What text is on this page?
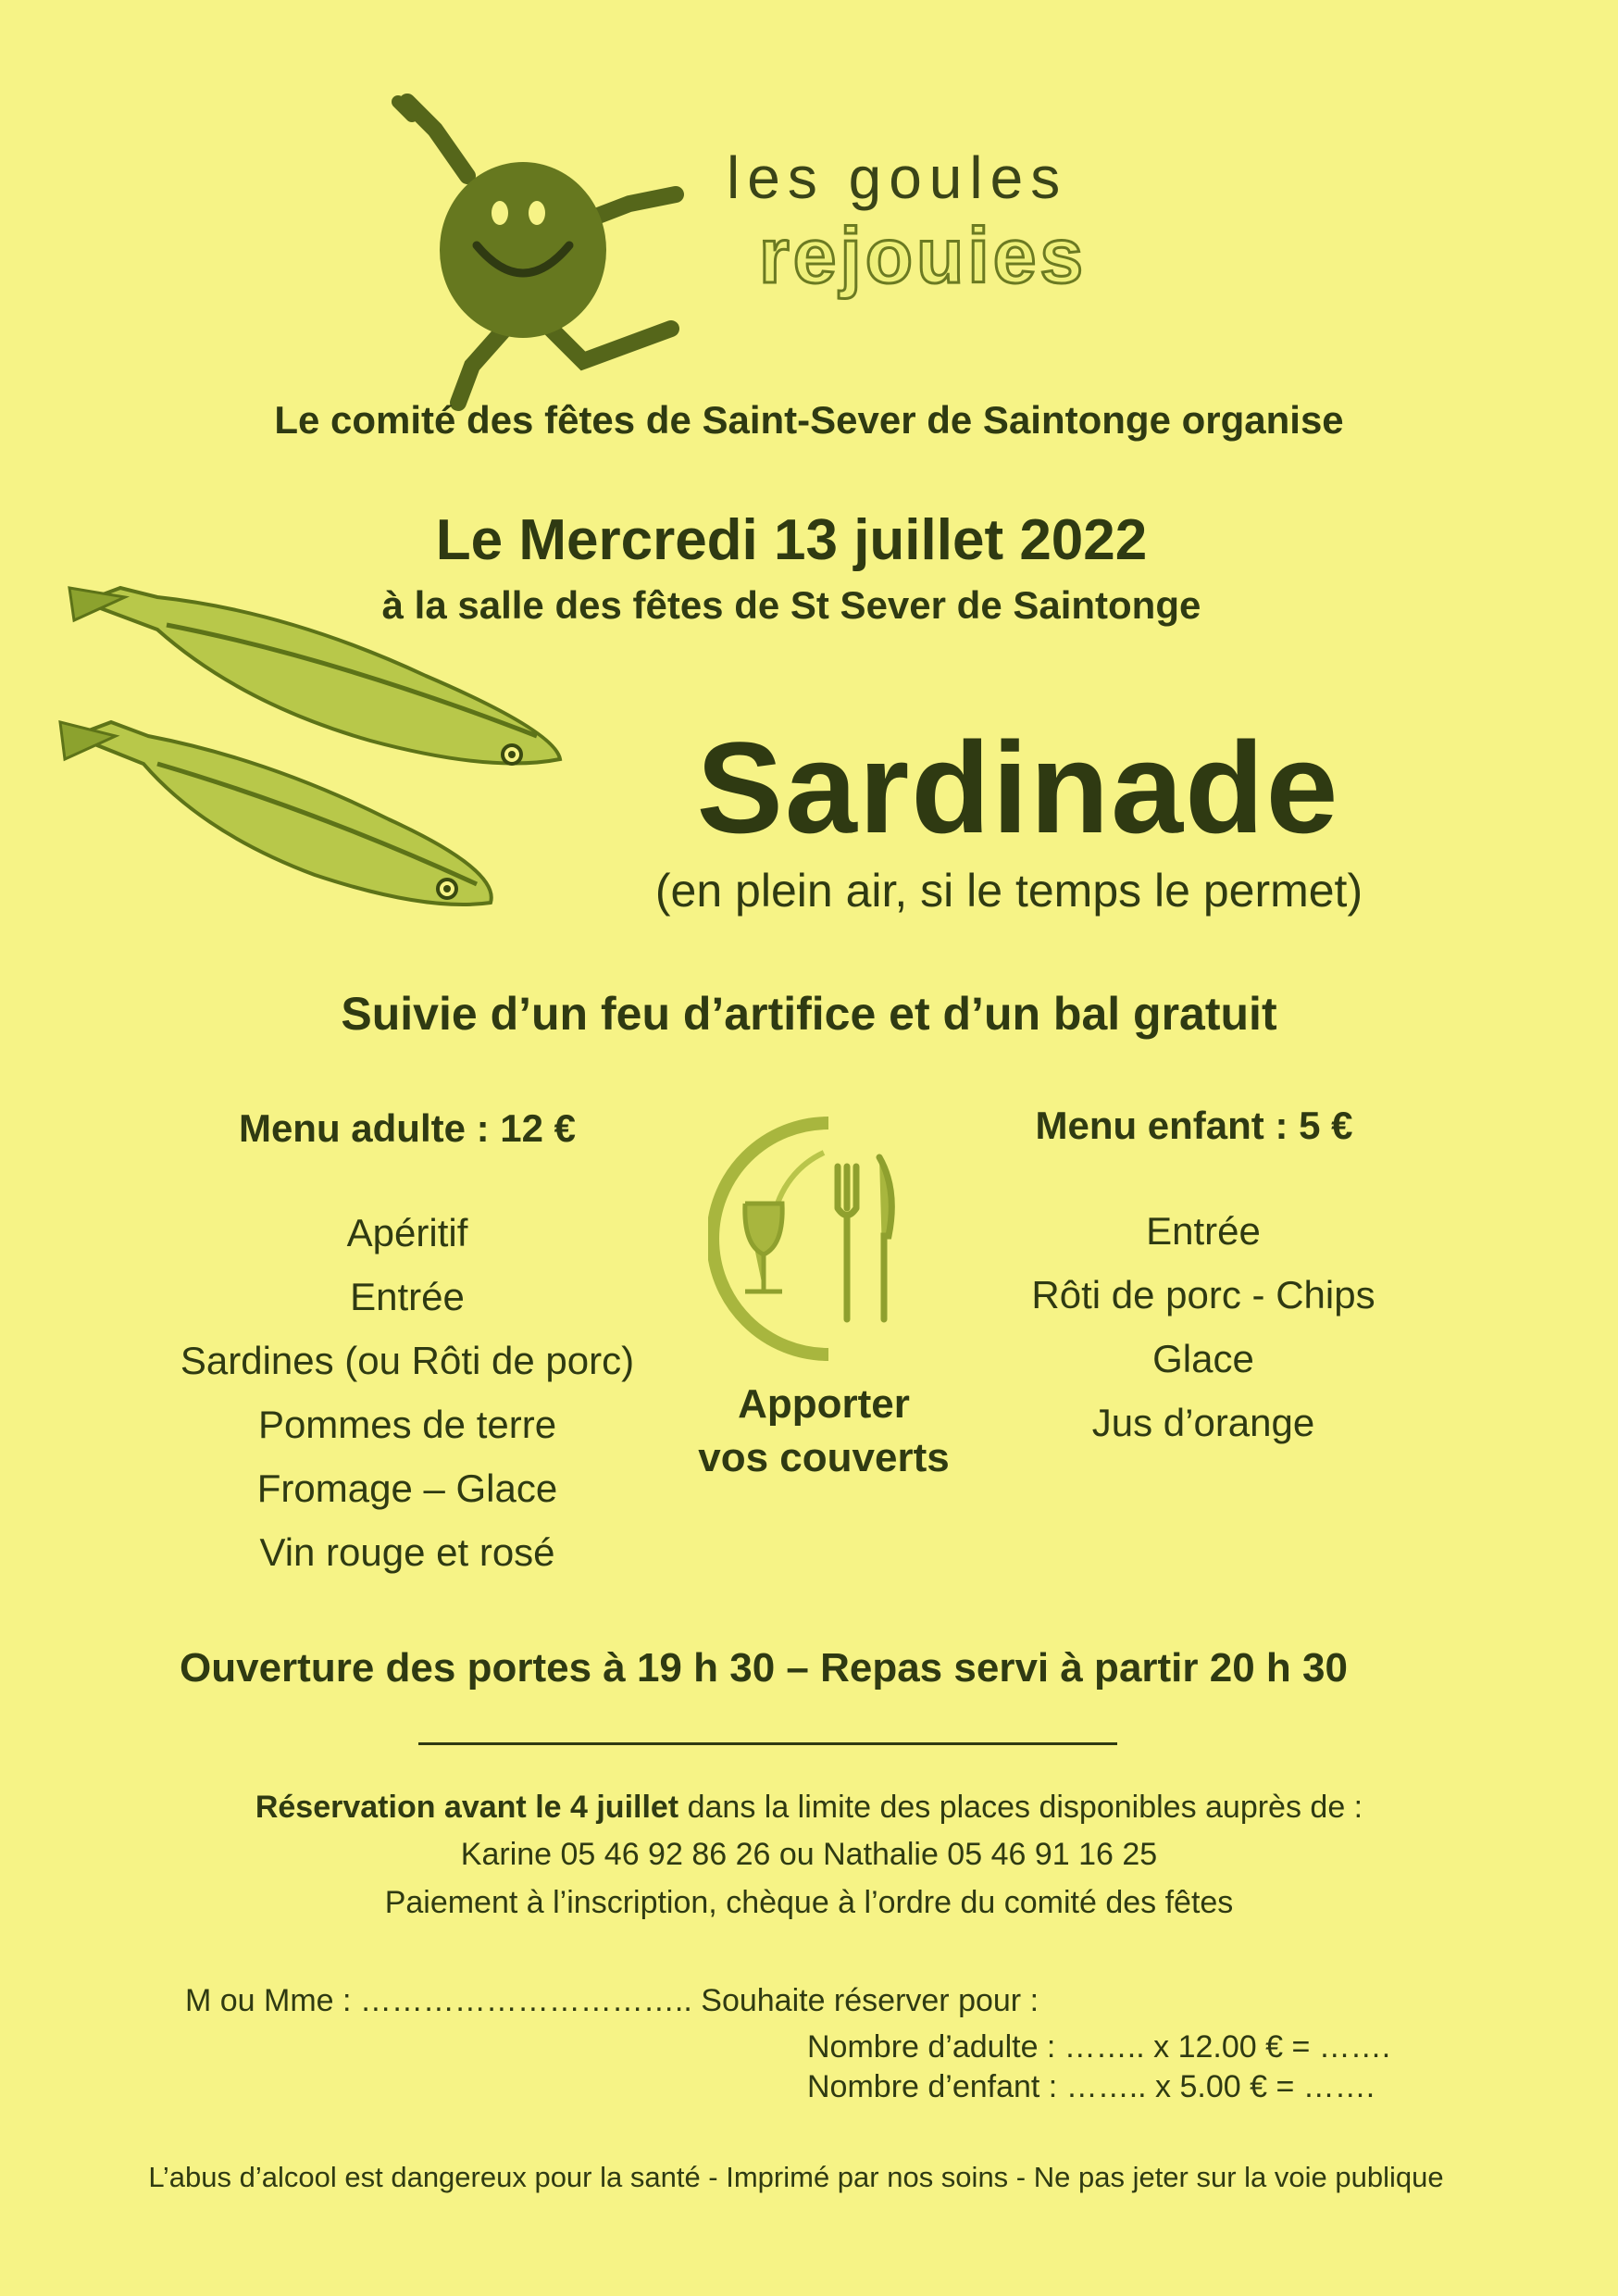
les goules
rejouies
Le comité des fêtes de Saint-Sever de Saintonge organise
Le Mercredi 13 juillet 2022
à la salle des fêtes de St Sever de Saintonge
Sardinade
(en plein air, si le temps le permet)
Suivie d’un feu d’artifice et d’un bal gratuit
Menu adulte : 12 €
Apéritif
Entrée
Sardines (ou Rôti de porc)
Pommes de terre
Fromage – Glace
Vin rouge et rosé
Apporter
vos couverts
Menu enfant : 5 €
Entrée
Rôti de porc - Chips
Glace
Jus d’orange
Ouverture des portes à 19 h 30 – Repas servi à partir 20 h 30
Réservation avant le 4 juillet dans la limite des places disponibles auprès de :
Karine 05 46 92 86 26 ou Nathalie 05 46 91 16 25
Paiement à l’inscription, chèque à l’ordre du comité des fêtes
M ou Mme : ………………………….. Souhaite réserver pour :
Nombre d’adulte : …….. x 12.00 € = …….
Nombre d’enfant : …….. x 5.00 € = …….
L’abus d’alcool est dangereux pour la santé - Imprimé par nos soins - Ne pas jeter sur la voie publique
